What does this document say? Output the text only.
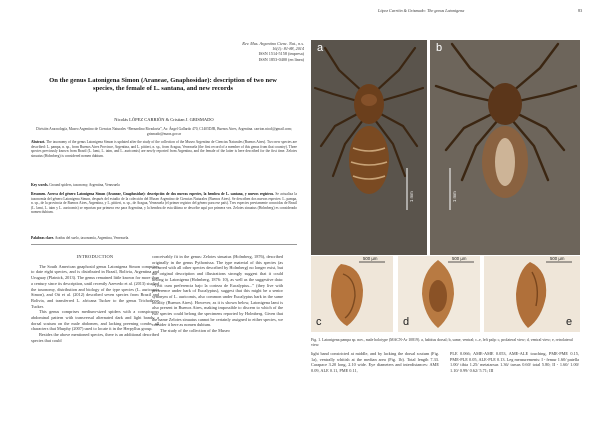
Rev. Mus. Argentino Cienc. Nat., n.s.
16(1): 81-88, 2014
ISSN 1514-5158 (impresa)
ISSN 1853-0400 (en línea)
On the genus Latonigena Simon (Araneae, Gnaphosidae): description of two new species, the female of L. santana, and new records
Nicolás LÓPEZ CARRIÓN & Cristian J. GRISMADO
División Aracnología, Museo Argentino de Ciencias Naturales “Bernardino Rivadavia”, Av. Ángel Gallardo 470, C1405DJR, Buenos Aires, Argentina. carrion.nicol@gmail.com; grismado@macn.gov.ar
Abstract. The taxonomy of the genus Latonigena Simon is updated after the study of the collection of the Museo Argentino de Ciencias Naturales (Buenos Aires). Two new species are described: L. pampa, n. sp., from Buenos Aires Province, Argentina, and L. pittieri, n. sp., from Aragua, Venezuela (the first record of a member of this genus from that country). Three species previously known from Brazil (L. lami, L. taim, and L. auricomis) are newly reported from Argentina, and the female of the latter is here described for the first time. Zelotes sinuatus (Holmberg) is considered nomen dubium.
Key words. Ground spiders, taxonomy, Argentina, Venezuela
Resumen. Acerca del género Latonigena Simon (Araneae, Gnaphosidae): descripción de dos nuevas especies, la hembra de L. santana, y nuevos registros. Se actualiza la taxonomía del género Latonigena Simon, después del estudio de la colección del Museo Argentino de Ciencias Naturales (Buenos Aires). Se describen dos nuevas especies: L. pampa, n. sp., de la provincia de Buenos Aires, Argentina, y L. pittieri, n. sp., de Aragua, Venezuela (el primer registro del género para ese país). Tres especies previamente conocidas de Brasil (L. lami, L. taim y L. auricomis) se reportan por primera vez para Argentina, y la hembra de esta última se describe aquí por primera vez. Zelotes sinuatus (Holmberg) es considerado nomen dubium.
Palabras clave. Arañas del suelo, taxonomía, Argentina, Venezuela.
INTRODUCTION

The South American gnaphosid genus Latonigena Simon comprises to date eight species, and is distributed in Brazil, Bolivia, Argentina and Uruguay (Platnick, 2013). The genus remained little known for more than a century since its description, until recently Azevedo et al. (2013) studied the taxonomy, distribution and biology of the type species (L. auricomis Simon), and Ott et al. (2012) described seven species from Brazil and Bolivia, and transferred L. africana Tucker to the genus Trichothyse Tucker.

This genus comprises medium-sized spiders with a conspicuous abdominal pattern with transversal alternated dark and light bands; a dorsal scutum on the male abdomen, and lacking preening combs, all characters that Murphy (2007) used to locate it in the Herpyllus group.

Besides the above mentioned species, there is an additional described species that could

conceivably fit in the genus: Zelotes sinuatus (Holmberg, 1876), described originally in the genus Pythonissa. The type material of this species (as occurred with all other species described by Holmberg) no longer exist, but the original description and illustrations strongly suggest that it could belong to Latonigena (Holmberg, 1876: 10), as well as the suggestive data: “Vivit cum preferencia bajo la corteza de Eucalyptus...” (they live with preference under bark of Eucalyptus), suggest that this might be a senior synonym of L. auricomis, also common under Eucalyptus bark in the same locality (Buenos Aires). However, as it is shown below, Latonigena lami is also present in Buenos Aires, making impossible to discern to which of the two species could belong the specimens reported by Holmberg. Given that the name Zelotes sinuatus cannot be certainly assigned to either species, we consider it here as nomen dubium.

The study of the collection of the Museo

López Carrión & Grismado: The genus Latonigena	83
a
1 mm
b
1 mm
c
500 µm
d
500 µm
e
500 µm
Fig. 1. Latonigena pampa sp. nov., male holotype (MACN-Ar 10819). a, habitus dorsal; b, same, ventral; c–e, left palp: c, prolateral view; d, ventral view; e, retrolateral view.

light band constricted at middle, and by lacking the dorsal scutum (Fig. 1a), ventrally whitish at the median area (Fig. 1b). Total length 7.33. Carapace 3.20 long, 2.10 wide. Eye diameters and interdistances: AME 0.09, ALE 0.11, PME 0.11,

PLE 0.066; AME-AME 0.053, AME-ALE touching, PME-PME 0.15, PME-PLE 0.05, ALE-PLE 0.13. Leg measurements: I - femur 1.60/ patella 1.00/ tibia 1.25/ metatarsus 1.36/ tarsus 0.60/ total 5.80; II - 1.60/ 1.00/ 1.10/ 0.99/ 0.62/ 5.71; III
